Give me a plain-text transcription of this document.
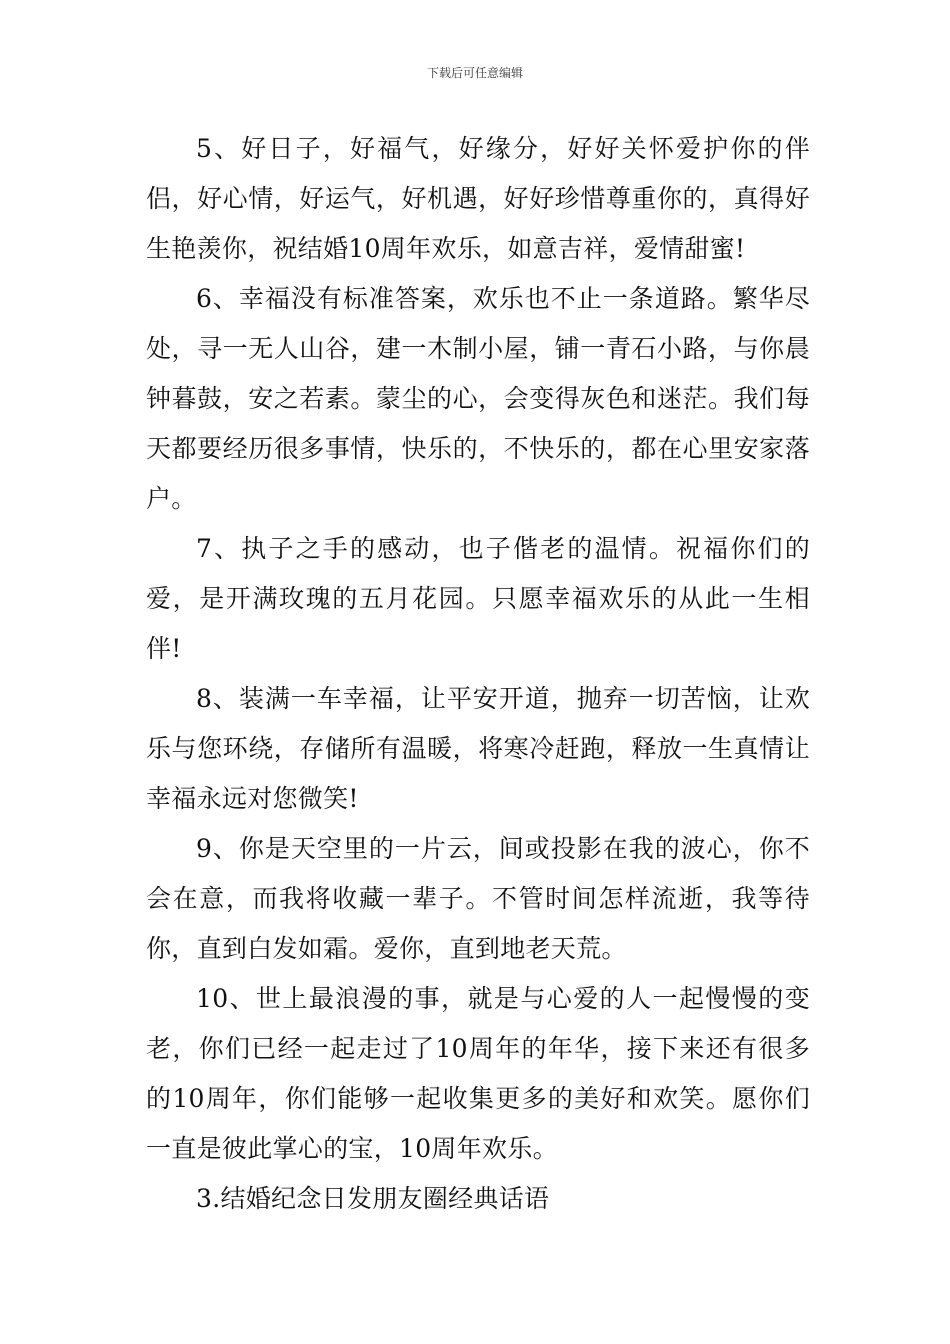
下载后可任意编辑

5、好日子，好福气，好缘分，好好关怀爱护你的伴侣，好心情，好运气，好机遇，好好珍惜尊重你的，真得好生艳羡你，祝结婚10周年欢乐，如意吉祥，爱情甜蜜!

6、幸福没有标准答案，欢乐也不止一条道路。繁华尽处，寻一无人山谷，建一木制小屋，铺一青石小路，与你晨钟暮鼓，安之若素。蒙尘的心，会变得灰色和迷茫。我们每天都要经历很多事情，快乐的，不快乐的，都在心里安家落户。

7、执子之手的感动，也子偕老的温情。祝福你们的爱，是开满玫瑰的五月花园。只愿幸福欢乐的从此一生相伴!

8、装满一车幸福，让平安开道，抛弃一切苦恼，让欢乐与您环绕，存储所有温暖，将寒冷赶跑，释放一生真情让幸福永远对您微笑!

9、你是天空里的一片云，间或投影在我的波心，你不会在意，而我将收藏一辈子。不管时间怎样流逝，我等待你，直到白发如霜。爱你，直到地老天荒。

10、世上最浪漫的事，就是与心爱的人一起慢慢的变老，你们已经一起走过了10周年的年华，接下来还有很多的10周年，你们能够一起收集更多的美好和欢笑。愿你们一直是彼此掌心的宝，10周年欢乐。

3.结婚纪念日发朋友圈经典话语
